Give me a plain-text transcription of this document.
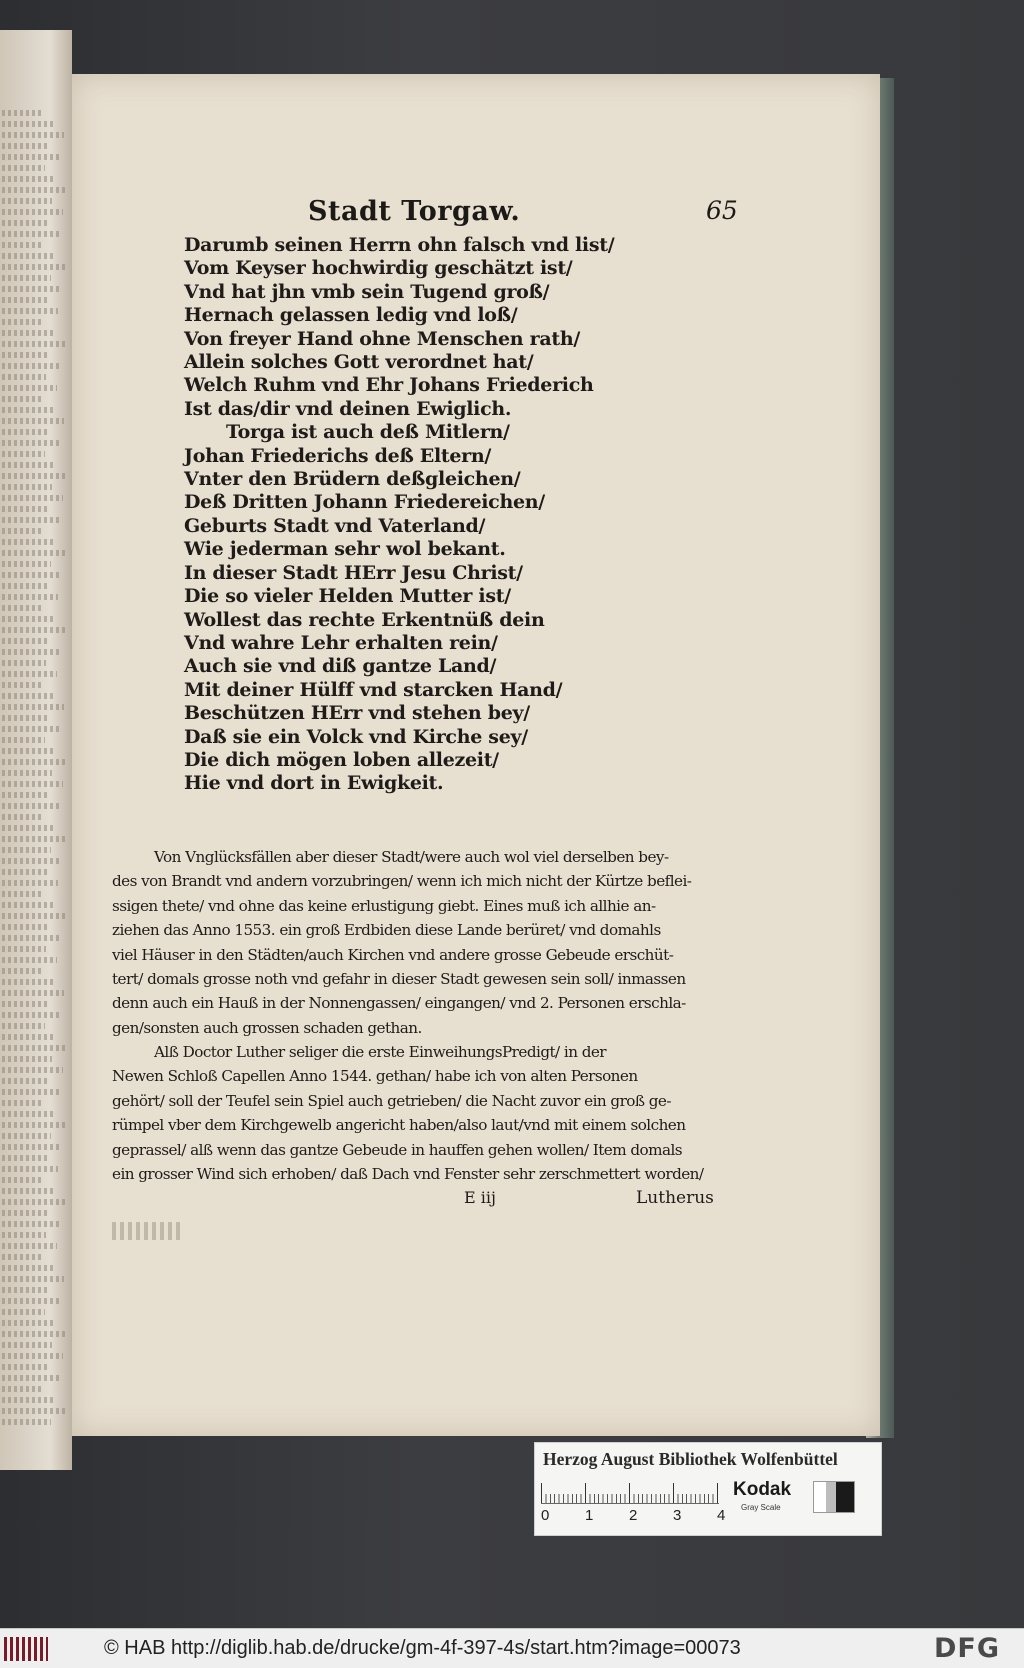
Stadt Torgaw.	65
Darumb seinen Herrn ohn falsch vnd list/
Vom Keyser hochwirdig geschätzt ist/
Vnd hat jhn vmb sein Tugend groß/
Hernach gelassen ledig vnd loß/
Von freyer Hand ohne Menschen rath/
Allein solches Gott verordnet hat/
Welch Ruhm vnd Ehr Johans Friederich
Ist das/dir vnd deinen Ewiglich.
Torga ist auch deß Mitlern/
Johan Friederichs deß Eltern/
Vnter den Brüdern deßgleichen/
Deß Dritten Johann Friedereichen/
Geburts Stadt vnd Vaterland/
Wie jederman sehr wol bekant.
In dieser Stadt HErr Jesu Christ/
Die so vieler Helden Mutter ist/
Wollest das rechte Erkentnüß dein
Vnd wahre Lehr erhalten rein/
Auch sie vnd diß gantze Land/
Mit deiner Hülff vnd starcken Hand/
Beschützen HErr vnd stehen bey/
Daß sie ein Volck vnd Kirche sey/
Die dich mögen loben allezeit/
Hie vnd dort in Ewigkeit.
Von Vnglücksfällen aber dieser Stadt/were auch wol viel derselben bey-
des von Brandt vnd andern vorzubringen/ wenn ich mich nicht der Kürtze beflei-
ssigen thete/ vnd ohne das keine erlustigung giebt. Eines muß ich allhie an-
ziehen das Anno 1553. ein groß Erdbiden diese Lande berüret/ vnd domahls
viel Häuser in den Städten/auch Kirchen vnd andere grosse Gebeude erschüt-
tert/ domals grosse noth vnd gefahr in dieser Stadt gewesen sein soll/ inmassen
denn auch ein Hauß in der Nonnengassen/ eingangen/ vnd 2. Personen erschla-
gen/sonsten auch grossen schaden gethan.
Alß Doctor Luther seliger die erste EinweihungsPredigt/ in der
Newen Schloß Capellen Anno 1544. gethan/ habe ich von alten Personen
gehört/ soll der Teufel sein Spiel auch getrieben/ die Nacht zuvor ein groß ge-
rümpel vber dem Kirchgewelb angericht haben/also laut/vnd mit einem solchen
geprassel/ alß wenn das gantze Gebeude in hauffen gehen wollen/ Item domals
ein grosser Wind sich erhoben/ daß Dach vnd Fenster sehr zerschmettert worden/
E iij	Lutherus
Herzog August Bibliothek Wolfenbüttel
0 1 2 3 4
Kodak
Gray Scale
© HAB http://diglib.hab.de/drucke/gm-4f-397-4s/start.htm?image=00073	DFG
